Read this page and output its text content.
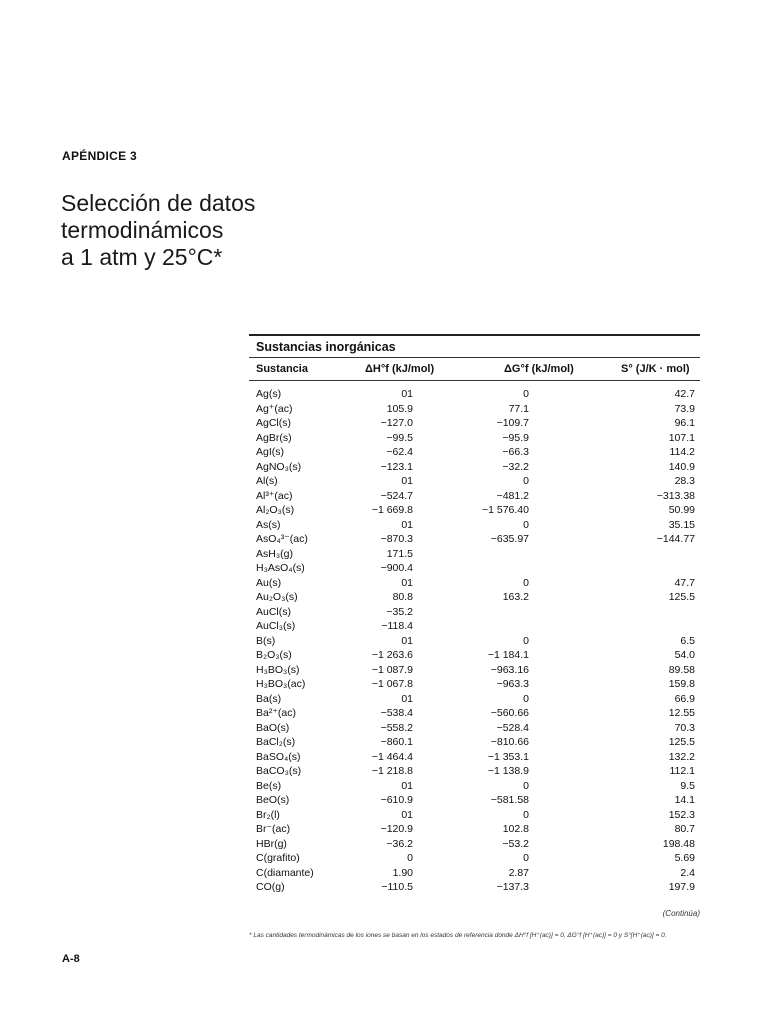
APÉNDICE 3
Selección de datos
termodinámicos
a 1 atm y 25°C*
Sustancias inorgánicas
Sustancia	ΔH°f (kJ/mol)	ΔG°f (kJ/mol)	S° (J/K · mol)
Ag(s)	01	0	42.7
Ag⁺(ac)	105.9	77.1	73.9
AgCl(s)	−127.0	−109.7	96.1
AgBr(s)	−99.5	−95.9	107.1
AgI(s)	−62.4	−66.3	114.2
AgNO₃(s)	−123.1	−32.2	140.9
Al(s)	01	0	28.3
Al³⁺(ac)	−524.7	−481.2	−313.38
Al₂O₃(s)	−1 669.8	−1 576.40	50.99
As(s)	01	0	35.15
AsO₄³⁻(ac)	−870.3	−635.97	−144.77
AsH₃(g)	171.5
H₃AsO₄(s)	−900.4
Au(s)	01	0	47.7
Au₂O₃(s)	80.8	163.2	125.5
AuCl(s)	−35.2
AuCl₃(s)	−118.4
B(s)	01	0	6.5
B₂O₃(s)	−1 263.6	−1 184.1	54.0
H₃BO₃(s)	−1 087.9	−963.16	89.58
H₃BO₃(ac)	−1 067.8	−963.3	159.8
Ba(s)	01	0	66.9
Ba²⁺(ac)	−538.4	−560.66	12.55
BaO(s)	−558.2	−528.4	70.3
BaCl₂(s)	−860.1	−810.66	125.5
BaSO₄(s)	−1 464.4	−1 353.1	132.2
BaCO₃(s)	−1 218.8	−1 138.9	112.1
Be(s)	01	0	9.5
BeO(s)	−610.9	−581.58	14.1
Br₂(l)	01	0	152.3
Br⁻(ac)	−120.9	102.8	80.7
HBr(g)	−36.2	−53.2	198.48
C(grafito)	0	0	5.69
C(diamante)	1.90	2.87	2.4
CO(g)	−110.5	−137.3	197.9
(Continúa)
* Las cantidades termodinámicas de los iones se basan en los estados de referencia donde ΔH°f [H⁺(ac)] = 0, ΔG°f [H⁺(ac)] = 0 y S°[H⁺(ac)] = 0.
A-8
